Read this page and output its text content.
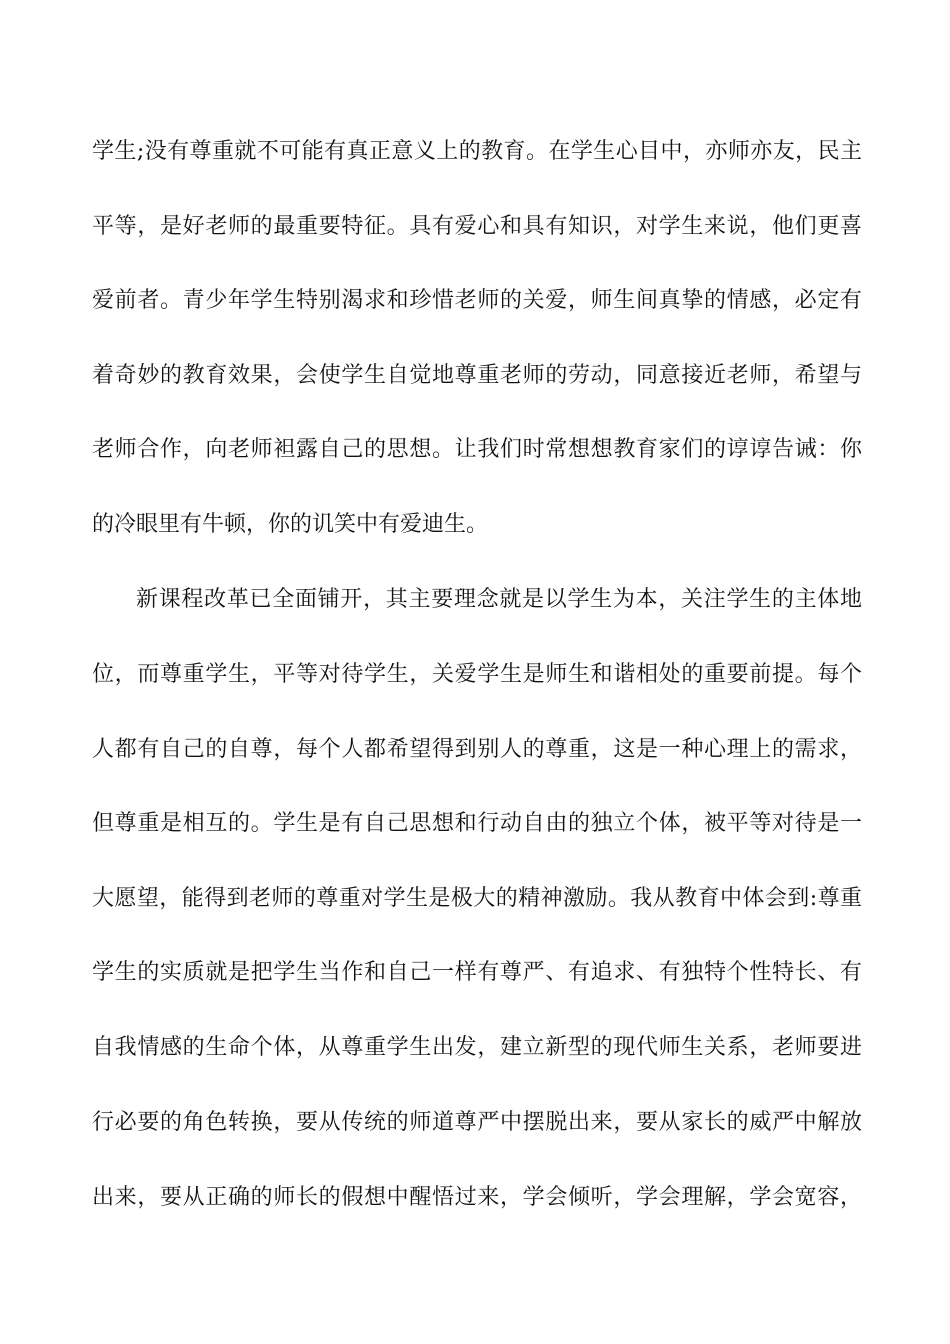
学生;没有尊重就不可能有真正意义上的教育。在学生心目中，亦师亦友，民主
平等，是好老师的最重要特征。具有爱心和具有知识，对学生来说，他们更喜
爱前者。青少年学生特别渴求和珍惜老师的关爱，师生间真挚的情感，必定有
着奇妙的教育效果，会使学生自觉地尊重老师的劳动，同意接近老师，希望与
老师合作，向老师袒露自己的思想。让我们时常想想教育家们的谆谆告诫：你
的冷眼里有牛顿，你的讥笑中有爱迪生。
新课程改革已全面铺开，其主要理念就是以学生为本，关注学生的主体地
位，而尊重学生，平等对待学生，关爱学生是师生和谐相处的重要前提。每个
人都有自己的自尊，每个人都希望得到别人的尊重，这是一种心理上的需求，
但尊重是相互的。学生是有自己思想和行动自由的独立个体，被平等对待是一
大愿望，能得到老师的尊重对学生是极大的精神激励。我从教育中体会到:尊重
学生的实质就是把学生当作和自己一样有尊严、有追求、有独特个性特长、有
自我情感的生命个体，从尊重学生出发，建立新型的现代师生关系，老师要进
行必要的角色转换，要从传统的师道尊严中摆脱出来，要从家长的威严中解放
出来，要从正确的师长的假想中醒悟过来，学会倾听，学会理解，学会宽容，
